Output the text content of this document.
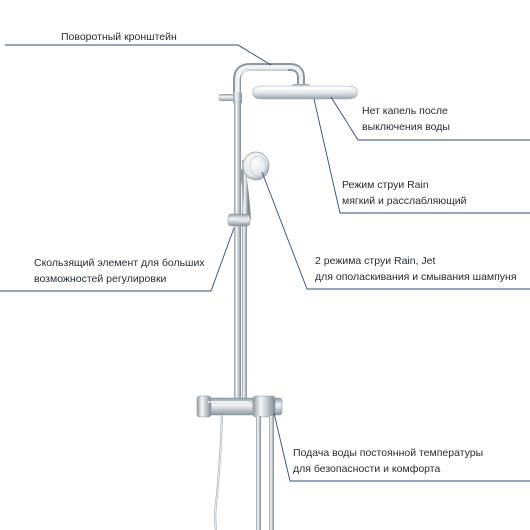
Поворотный кронштейн
Нет капель после
выключения воды
Режим струи Rain
мягкий и расслабляющий
Скользящий элемент для больших
возможностей регулировки
2 режима струи Rain, Jet
для ополаскивания и смывания шампуня
Подача воды постоянной температуры
для безопасности и комфорта
